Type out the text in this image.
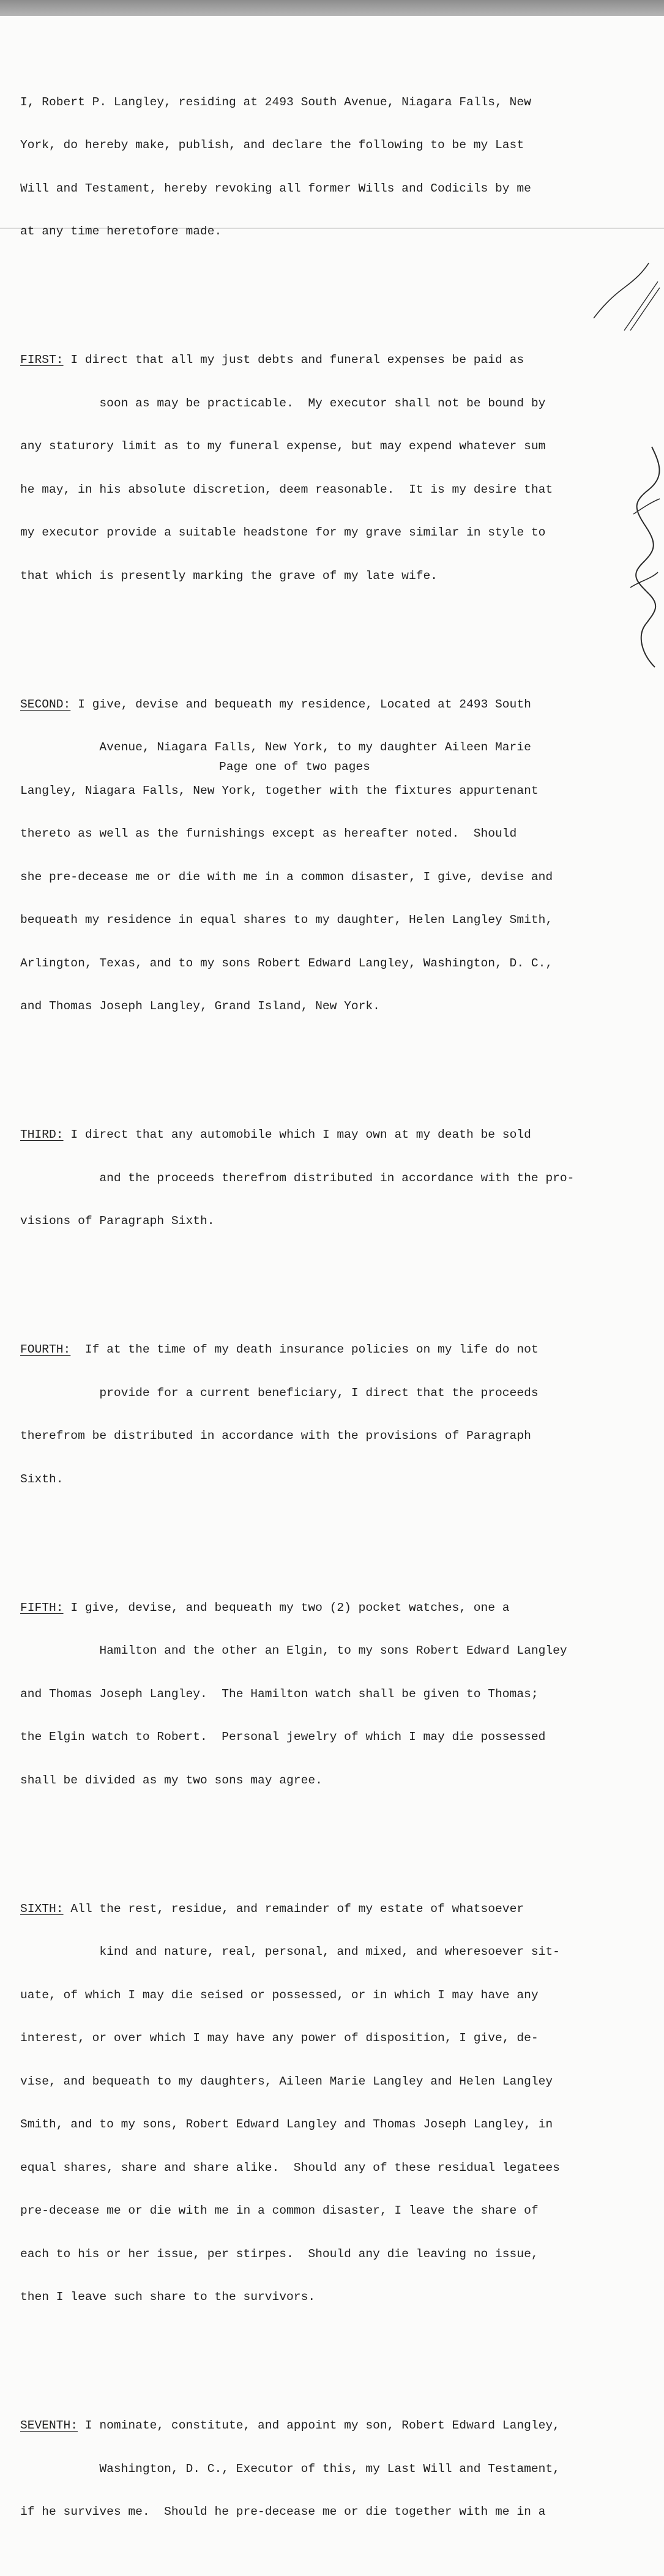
I, Robert P. Langley, residing at 2493 South Avenue, Niagara Falls, New

York, do hereby make, publish, and declare the following to be my Last

Will and Testament, hereby revoking all former Wills and Codicils by me

at any time heretofore made.

FIRST: I direct that all my just debts and funeral expenses be paid as

soon as may be practicable.  My executor shall not be bound by

any staturory limit as to my funeral expense, but may expend whatever sum

he may, in his absolute discretion, deem reasonable.  It is my desire that

my executor provide a suitable headstone for my grave similar in style to

that which is presently marking the grave of my late wife.

SECOND: I give, devise and bequeath my residence, Located at 2493 South

Avenue, Niagara Falls, New York, to my daughter Aileen Marie

Langley, Niagara Falls, New York, together with the fixtures appurtenant

thereto as well as the furnishings except as hereafter noted.  Should

she pre-decease me or die with me in a common disaster, I give, devise and

bequeath my residence in equal shares to my daughter, Helen Langley Smith,

Arlington, Texas, and to my sons Robert Edward Langley, Washington, D. C.,

and Thomas Joseph Langley, Grand Island, New York.

THIRD: I direct that any automobile which I may own at my death be sold

and the proceeds therefrom distributed in accordance with the pro-

visions of Paragraph Sixth.

FOURTH:  If at the time of my death insurance policies on my life do not

provide for a current beneficiary, I direct that the proceeds

therefrom be distributed in accordance with the provisions of Paragraph

Sixth.

FIFTH: I give, devise, and bequeath my two (2) pocket watches, one a

Hamilton and the other an Elgin, to my sons Robert Edward Langley

and Thomas Joseph Langley.  The Hamilton watch shall be given to Thomas;

the Elgin watch to Robert.  Personal jewelry of which I may die possessed

shall be divided as my two sons may agree.

SIXTH: All the rest, residue, and remainder of my estate of whatsoever

kind and nature, real, personal, and mixed, and wheresoever sit-

uate, of which I may die seised or possessed, or in which I may have any

interest, or over which I may have any power of disposition, I give, de-

vise, and bequeath to my daughters, Aileen Marie Langley and Helen Langley

Smith, and to my sons, Robert Edward Langley and Thomas Joseph Langley, in

equal shares, share and share alike.  Should any of these residual legatees

pre-decease me or die with me in a common disaster, I leave the share of

each to his or her issue, per stirpes.  Should any die leaving no issue,

then I leave such share to the survivors.

SEVENTH: I nominate, constitute, and appoint my son, Robert Edward Langley,

Washington, D. C., Executor of this, my Last Will and Testament,

if he survives me.  Should he pre-decease me or die together with me in a

Page one of two pages
